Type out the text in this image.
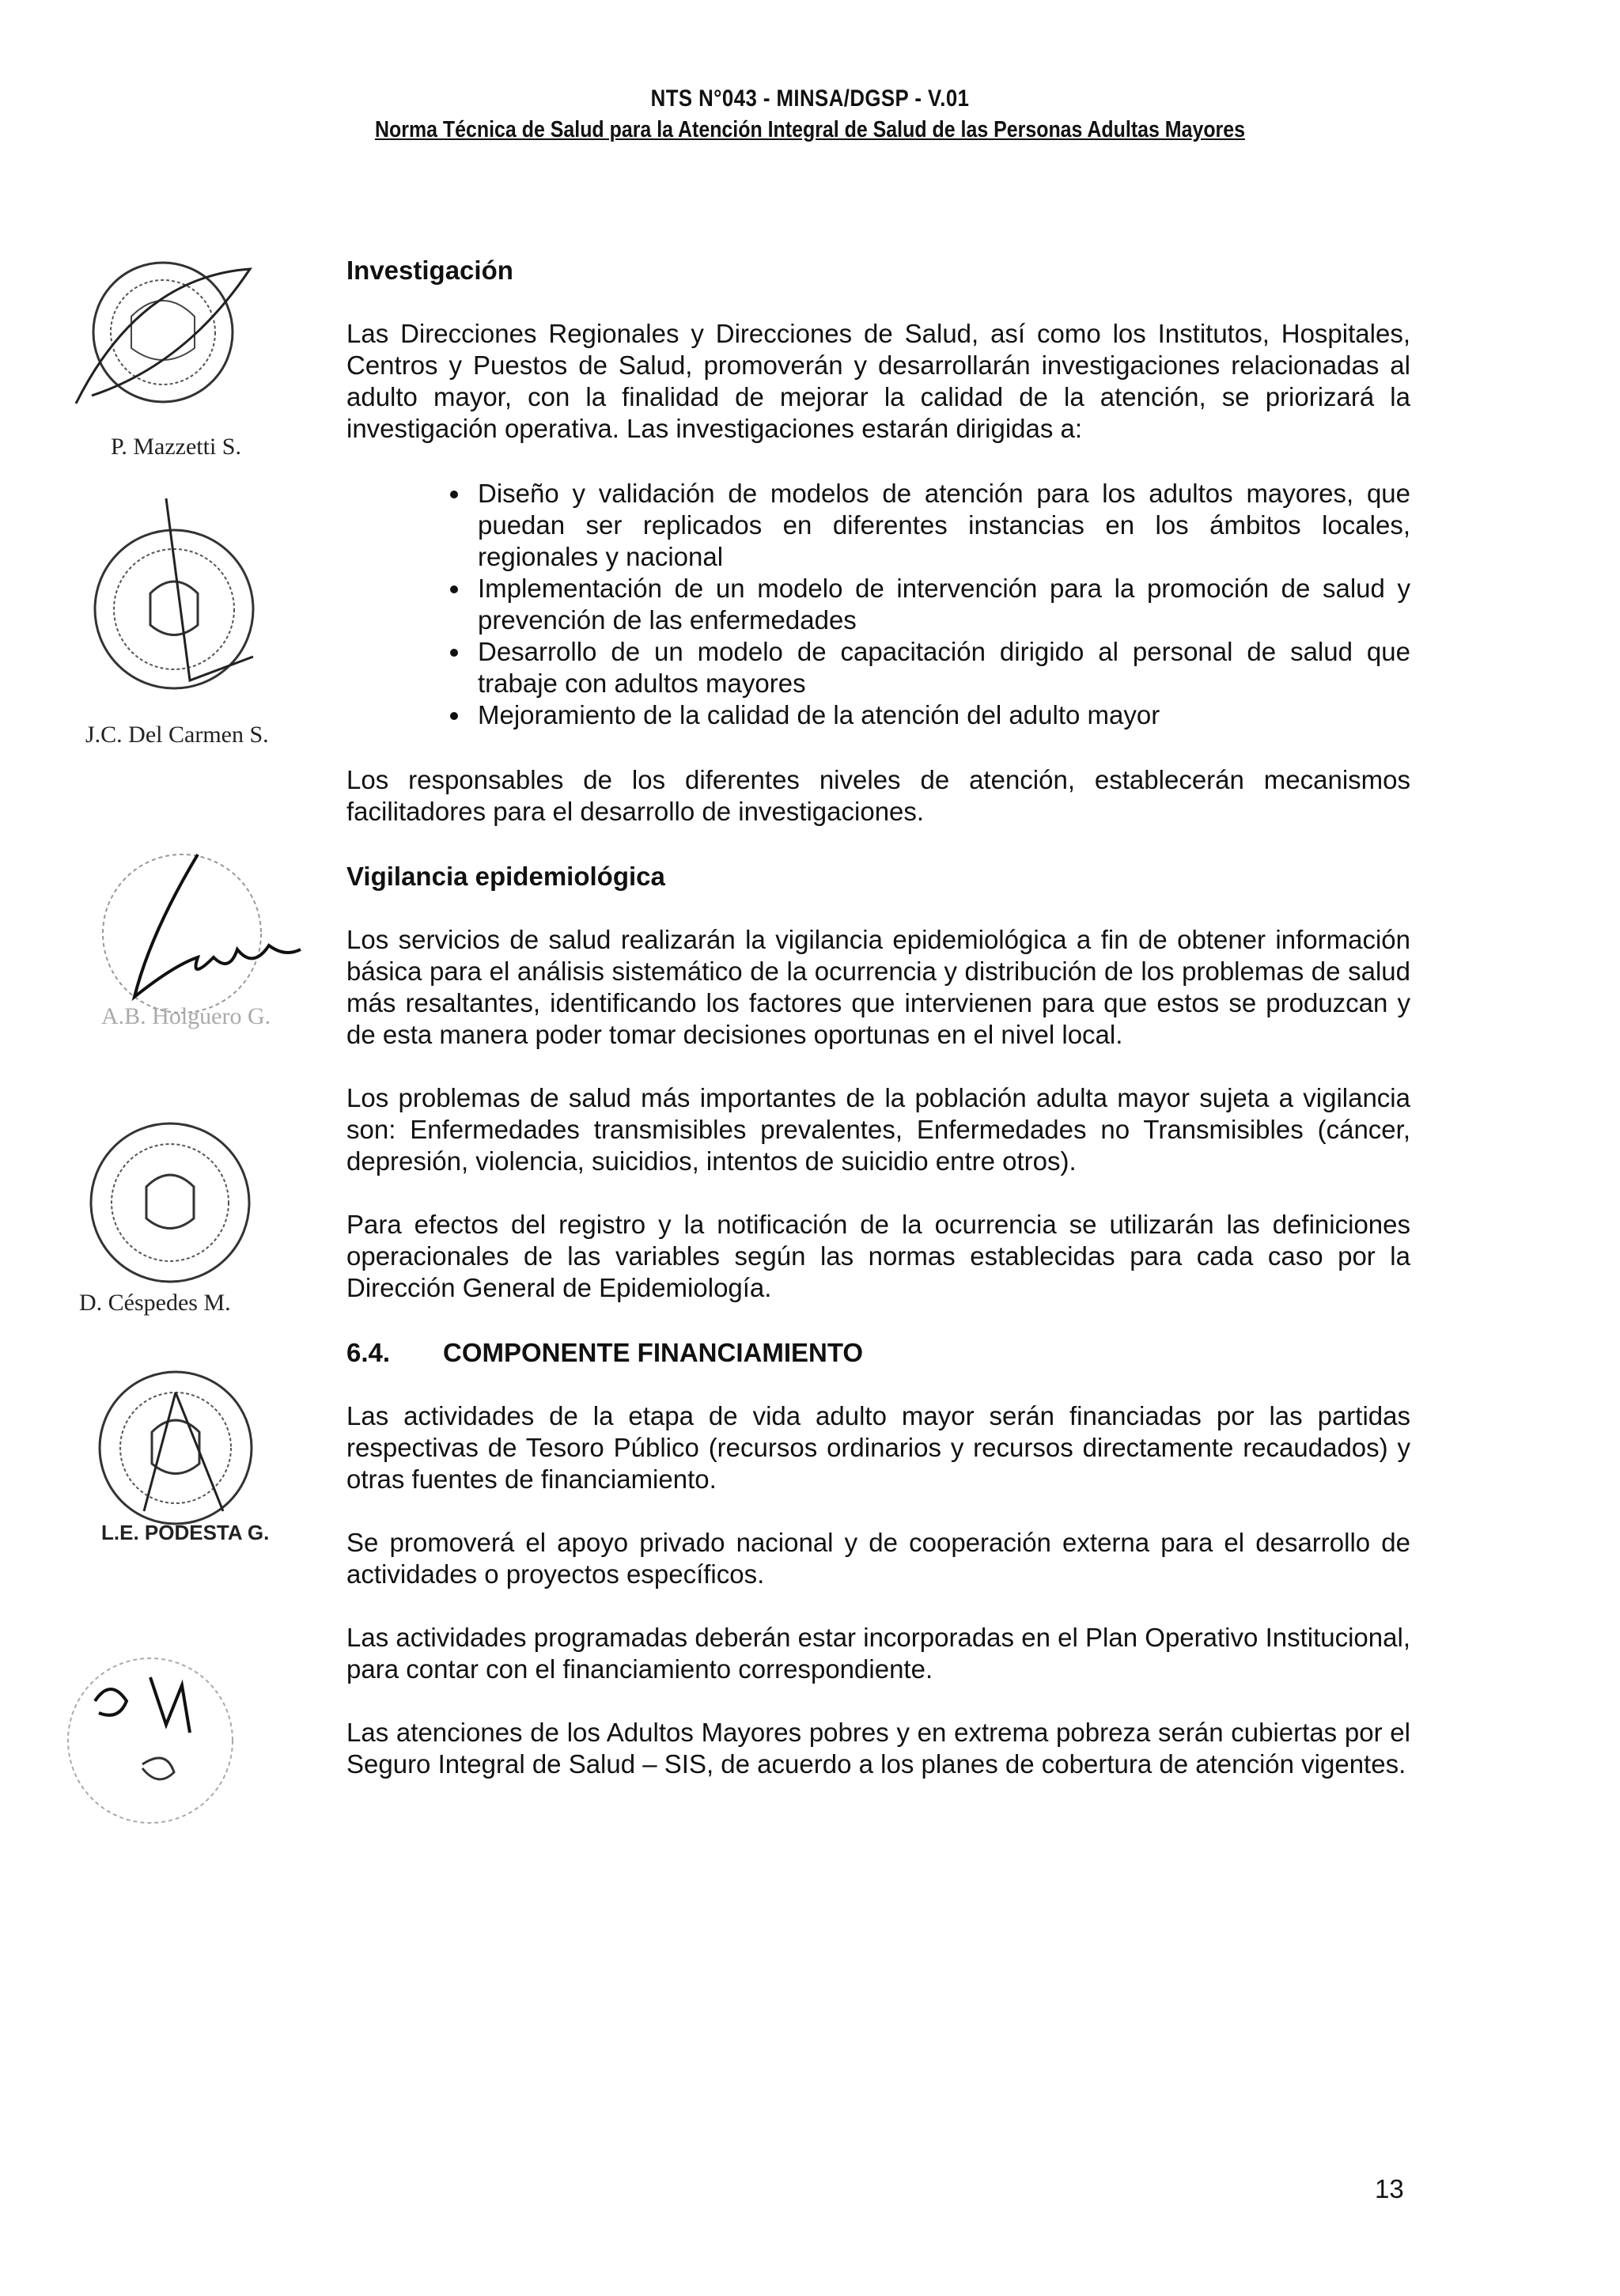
NTS N°043 - MINSA/DGSP - V.01
Norma Técnica de Salud para la Atención Integral de Salud de las Personas Adultas Mayores
P. Mazzetti S.
J.C. Del Carmen S.
A.B. Holguero G.
D. Céspedes M.
L.E. PODESTA G.
Investigación

Las Direcciones Regionales y Direcciones de Salud, así como los Institutos, Hospitales, Centros y Puestos de Salud, promoverán y desarrollarán investigaciones relacionadas al adulto mayor, con la finalidad de mejorar la calidad de la atención, se priorizará la investigación operativa. Las investigaciones estarán dirigidas a:

Diseño y validación de modelos de atención para los adultos mayores, que puedan ser replicados en diferentes instancias en los ámbitos locales, regionales y nacional
Implementación de un modelo de intervención para la promoción de salud y prevención de las enfermedades
Desarrollo de un modelo de capacitación dirigido al personal de salud que trabaje con adultos mayores
Mejoramiento de la calidad de la atención del adulto mayor

Los responsables de los diferentes niveles de atención, establecerán mecanismos facilitadores para el desarrollo de investigaciones.

Vigilancia epidemiológica

Los servicios de salud realizarán la vigilancia epidemiológica a fin de obtener información básica para el análisis sistemático de la ocurrencia y distribución de los problemas de salud más resaltantes, identificando los factores que intervienen para que estos se produzcan y de esta manera poder tomar decisiones oportunas en el nivel local.

Los problemas de salud más importantes de la población adulta mayor sujeta a vigilancia son: Enfermedades transmisibles prevalentes, Enfermedades no Transmisibles (cáncer, depresión, violencia, suicidios, intentos de suicidio entre otros).

Para efectos del registro y la notificación de la ocurrencia se utilizarán las definiciones operacionales de las variables según las normas establecidas para cada caso por la Dirección General de Epidemiología.

6.4.	COMPONENTE FINANCIAMIENTO

Las actividades de la etapa de vida adulto mayor serán financiadas por las partidas respectivas de Tesoro Público (recursos ordinarios y recursos directamente recaudados) y otras fuentes de financiamiento.

Se promoverá el apoyo privado nacional y de cooperación externa para el desarrollo de actividades o proyectos específicos.

Las actividades programadas deberán estar incorporadas en el Plan Operativo Institucional, para contar con el financiamiento correspondiente.

Las atenciones de los Adultos Mayores pobres y en extrema pobreza serán cubiertas por el Seguro Integral de Salud – SIS, de acuerdo a los planes de cobertura de atención vigentes.

13
